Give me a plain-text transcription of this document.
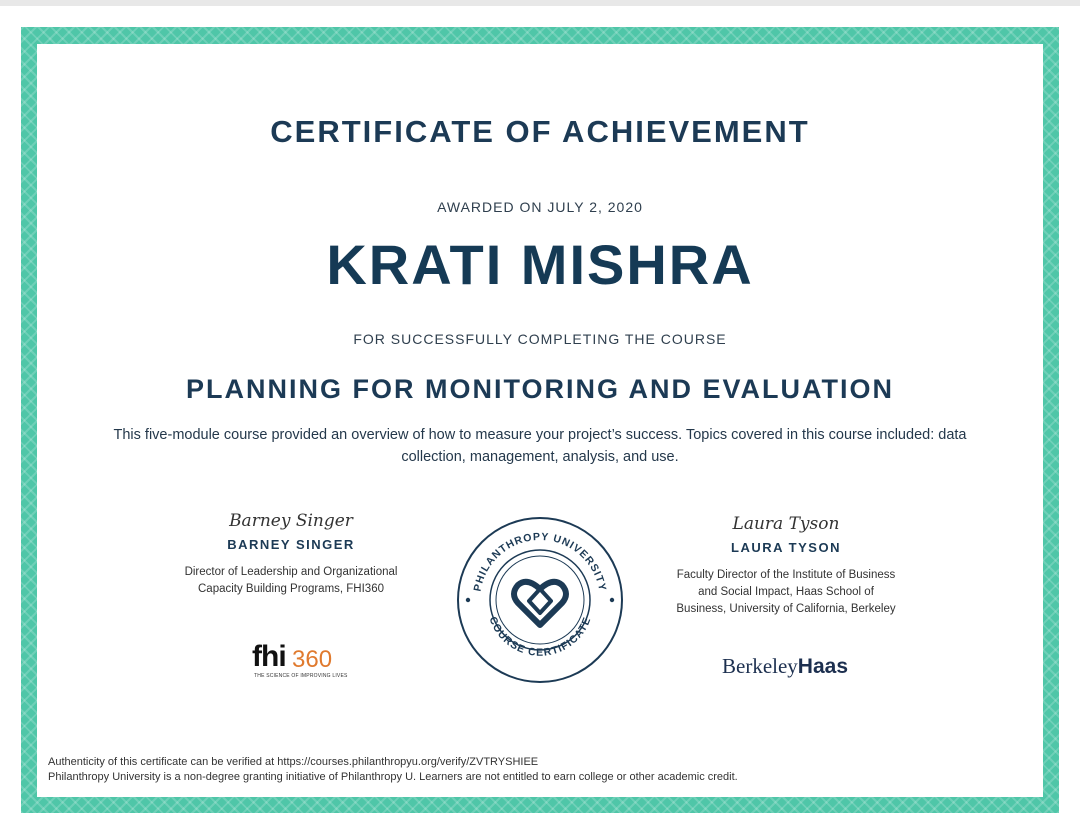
CERTIFICATE OF ACHIEVEMENT
AWARDED ON JULY 2, 2020
KRATI MISHRA
FOR SUCCESSFULLY COMPLETING THE COURSE
PLANNING FOR MONITORING AND EVALUATION
This five-module course provided an overview of how to measure your project’s success. Topics covered in this course included: data collection, management, analysis, and use.
Barney Singer
BARNEY SINGER
Director of Leadership and Organizational Capacity Building Programs, FHI360
fhi 360
THE SCIENCE OF IMPROVING LIVES
PHILANTHROPY UNIVERSITY
COURSE CERTIFICATE
Laura Tyson
LAURA TYSON
Faculty Director of the Institute of Business and Social Impact, Haas School of Business, University of California, Berkeley
BerkeleyHaas
Authenticity of this certificate can be verified at https://courses.philanthropyu.org/verify/ZVTRYSHIEE
Philanthropy University is a non-degree granting initiative of Philanthropy U. Learners are not entitled to earn college or other academic credit.
